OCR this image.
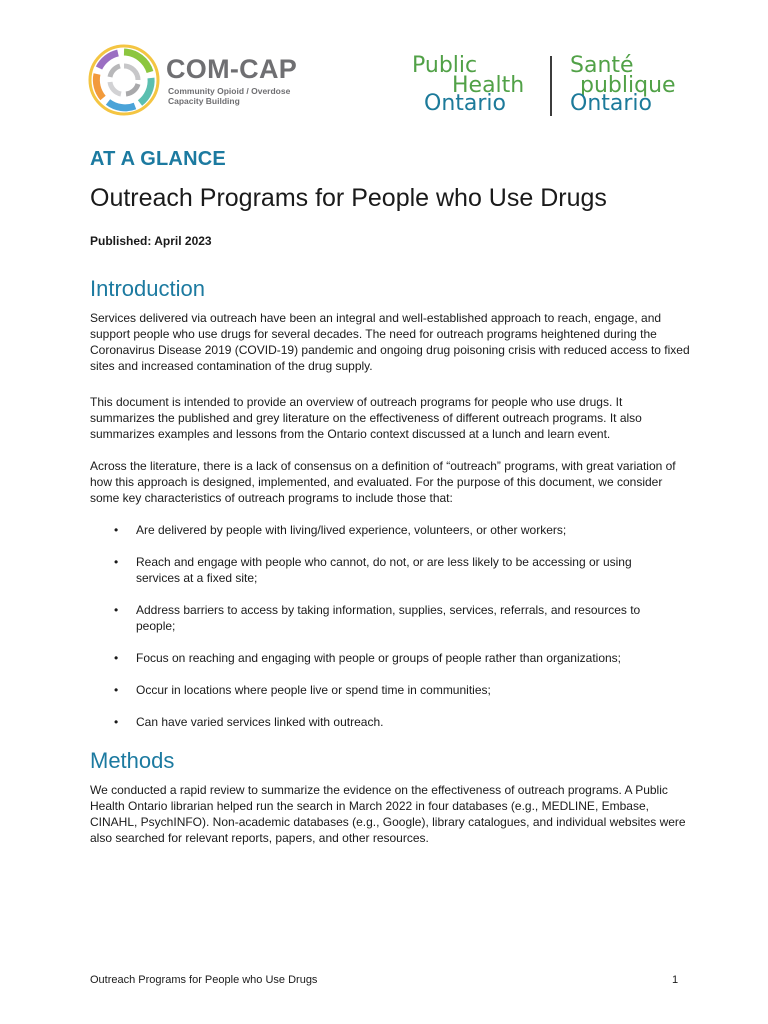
COM-CAP
Community Opioid / Overdose
Capacity Building
Public
Health
Ontario
Santé
publique
Ontario
AT A GLANCE
Outreach Programs for People who Use Drugs
Published: April 2023
Introduction

Services delivered via outreach have been an integral and well-established approach to reach, engage, and support people who use drugs for several decades. The need for outreach programs heightened during the Coronavirus Disease 2019 (COVID-19) pandemic and ongoing drug poisoning crisis with reduced access to fixed sites and increased contamination of the drug supply.

This document is intended to provide an overview of outreach programs for people who use drugs. It summarizes the published and grey literature on the effectiveness of different outreach programs. It also summarizes examples and lessons from the Ontario context discussed at a lunch and learn event.

Across the literature, there is a lack of consensus on a definition of “outreach” programs, with great variation of how this approach is designed, implemented, and evaluated. For the purpose of this document, we consider some key characteristics of outreach programs to include those that:

• Are delivered by people with living/lived experience, volunteers, or other workers;
• Reach and engage with people who cannot, do not, or are less likely to be accessing or using services at a fixed site;
• Address barriers to access by taking information, supplies, services, referrals, and resources to people;
• Focus on reaching and engaging with people or groups of people rather than organizations;
• Occur in locations where people live or spend time in communities;
• Can have varied services linked with outreach.
Methods

We conducted a rapid review to summarize the evidence on the effectiveness of outreach programs. A Public Health Ontario librarian helped run the search in March 2022 in four databases (e.g., MEDLINE, Embase, CINAHL, PsychINFO). Non-academic databases (e.g., Google), library catalogues, and individual websites were also searched for relevant reports, papers, and other resources.

Outreach Programs for People who Use Drugs	1
